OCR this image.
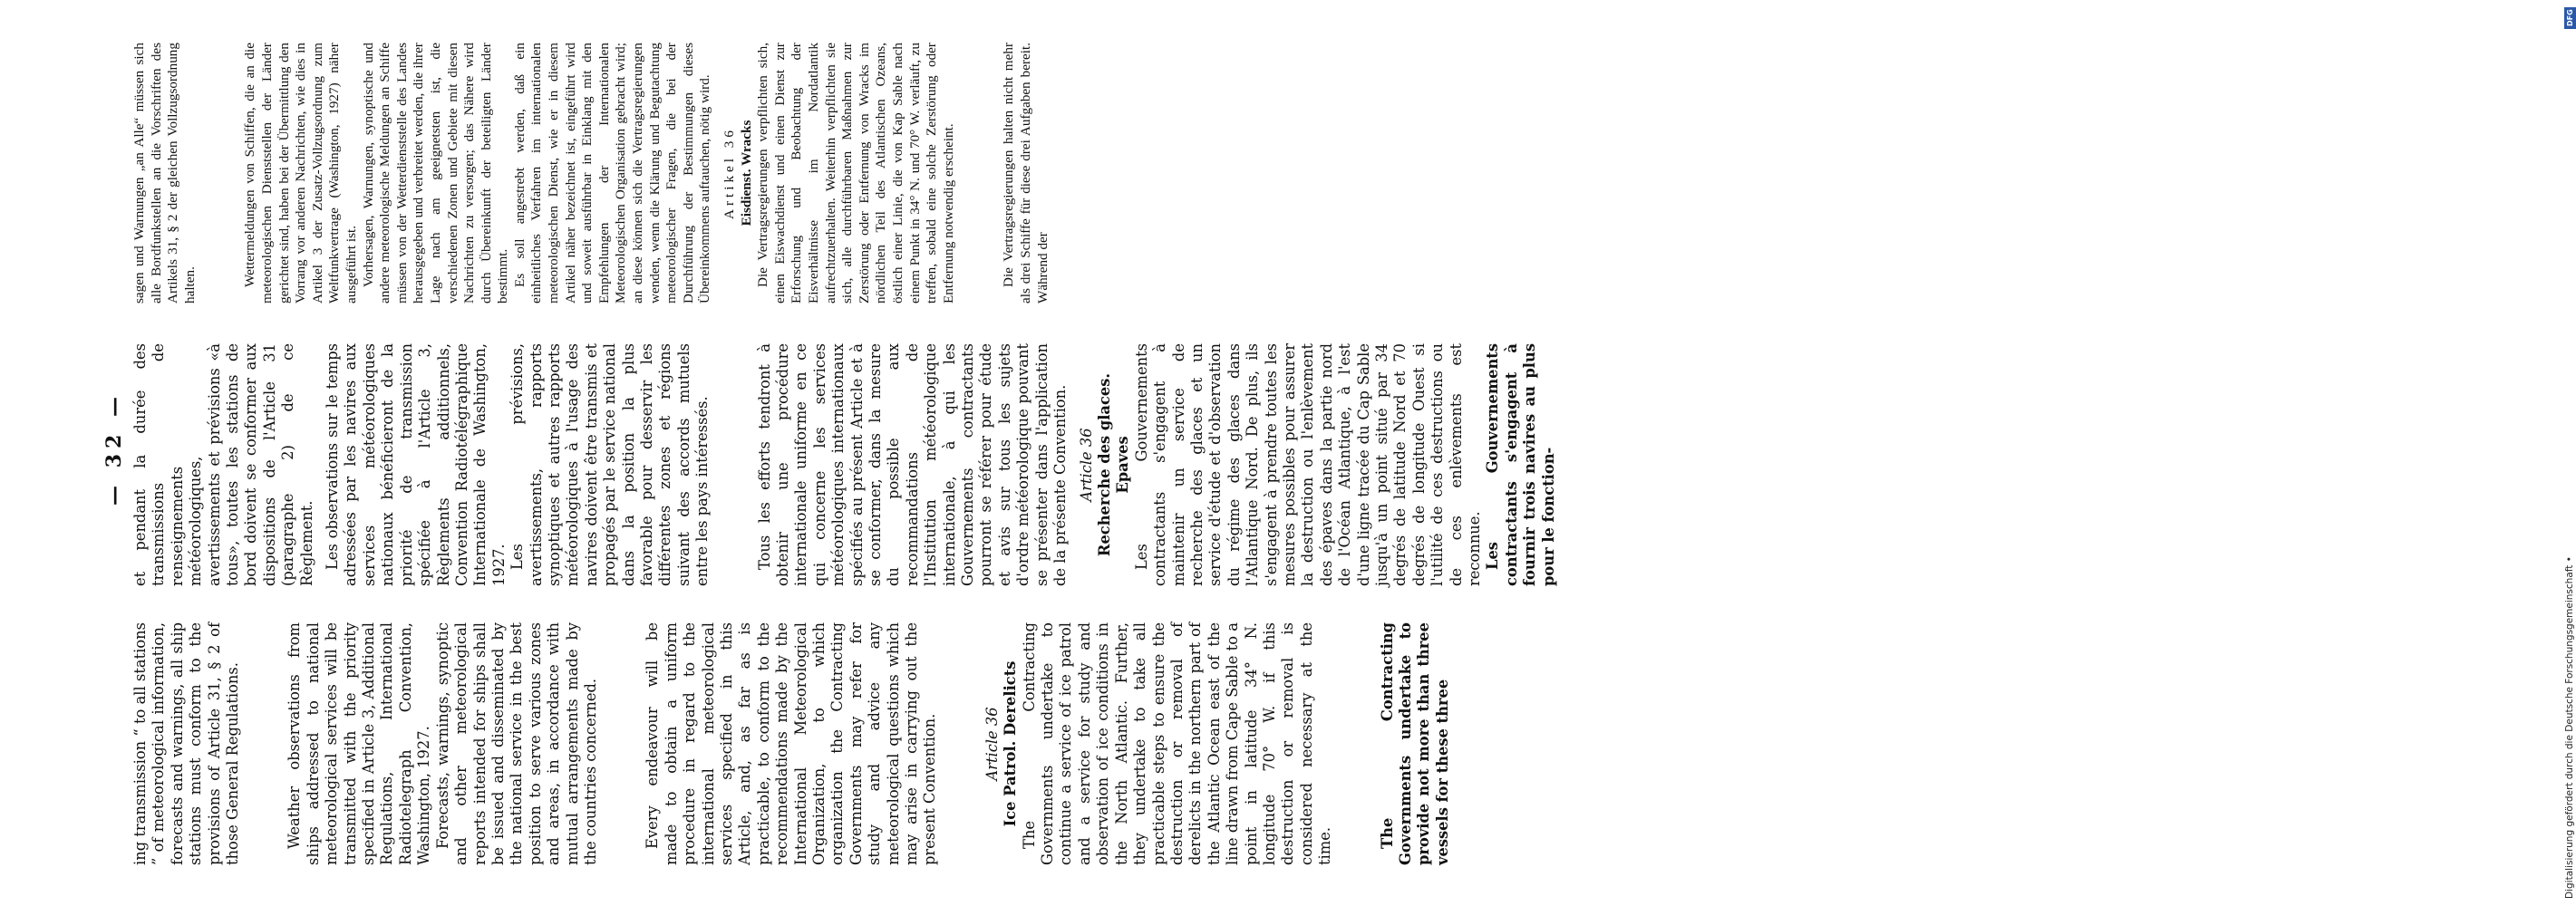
— 32 —

ing transmission “ to all stations ” of meteorological information, forecasts and warnings, all ship stations must conform to the provisions of Article 31, § 2 of those General Regulations.	Weather observations from ships addressed to national meteorological services will be transmitted with the priority specified in Article 3, Additional Regulations, International Radiotelegraph Convention, Washington, 1927. Forecasts, warnings, synoptic and other meteorological reports intended for ships shall be issued and disseminated by the national service in the best position to serve various zones and areas, in accordance with mutual arrangements made by the countries concerned.	Every endeavour will be made to obtain a uniform procedure in regard to the international meteorological services specified in this Article, and, as far as is practicable, to conform to the recommendations made by the International Meteorological Organization, to which organization the Contracting Governments may refer for study and advice any meteorological questions which may arise in carrying out the present Convention.	Article 36 Ice Patrol. Derelicts The Contracting Governments undertake to continue a service of ice patrol and a service for study and observation of ice conditions in the North Atlantic. Further, they undertake to take all practicable steps to ensure the destruction or removal of derelicts in the northern part of the Atlantic Ocean east of the line drawn from Cape Sable to a point in latitude 34° N. longitude 70° W. if this destruction or removal is considered necessary at the time.	The Contracting Governments undertake to provide not more than three vessels for these three

et pendant la durée des transmissions de renseignements météorologiques, avertissements et prévisions «à tous», toutes les stations de bord doivent se conformer aux dispositions de l'Article 31 (paragraphe 2) de ce Règlement. Les observations sur le temps adressées par les navires aux services météorologiques nationaux bénéficieront de la priorité de transmission spécifiée à l'Article 3, Règlements additionnels, Convention Radiotélégraphique Internationale de Washington, 1927. Les prévisions, avertissements, rapports synoptiques et autres rapports météorologiques à l'usage des navires doivent être transmis et propagés par le service national dans la position la plus favorable pour desservir les différentes zones et régions suivant des accords mutuels entre les pays intéressés.	Tous les efforts tendront à obtenir une procédure internationale uniforme en ce qui concerne les services météorologiques internationaux spécifiés au présent Article et à se conformer, dans la mesure du possible aux recommandations de l'Institution météorologique internationale, à qui les Gouvernements contractants pourront se référer pour étude et avis sur tous les sujets d'ordre météorologique pouvant se présenter dans l'application de la présente Convention. Article 36 Recherche des glaces. Epaves Les Gouvernements contractants s'engagent à maintenir un service de recherche des glaces et un service d'étude et d'observation du régime des glaces dans l'Atlantique Nord. De plus, ils s'engagent à prendre toutes les mesures possibles pour assurer la destruction ou l'enlèvement des épaves dans la partie nord de l'Océan Atlantique, à l'est d'une ligne tracée du Cap Sable jusqu'à un point situé par 34 degrés de latitude Nord et 70 degrés de longitude Ouest si l'utilité de ces destructions ou de ces enlèvements est reconnue. Les Gouvernements contractants s'engagent à fournir trois navires au plus pour le fonction-

sagen und Warnungen „an Alle“ müssen sich alle Bordfunkstellen an die Vorschriften des Artikels 31, § 2 der gleichen Vollzugsordnung halten.	Wettermeldungen von Schiffen, die an die meteorologischen Dienststellen der Länder gerichtet sind, haben bei der Übermittlung den Vorrang vor anderen Nachrichten, wie dies in Artikel 3 der Zusatz-Vollzugsordnung zum Weltfunkvertrage (Washington, 1927) näher ausgeführt ist. Vorhersagen, Warnungen, synoptische und andere meteorologische Meldungen an Schiffe müssen von der Wetterdienststelle des Landes herausgegeben und verbreitet werden, die ihrer Lage nach am geeignetsten ist, die verschiedenen Zonen und Gebiete mit diesen Nachrichten zu versorgen; das Nähere wird durch Übereinkunft der beteiligten Länder bestimmt. Es soll angestrebt werden, daß ein einheitliches Verfahren im internationalen meteorologischen Dienst, wie er in diesem Artikel näher bezeichnet ist, eingeführt wird und soweit ausführbar in Einklang mit den Empfehlungen der Internationalen Meteorologischen Organisation gebracht wird; an diese können sich die Vertragsregierungen wenden, wenn die Klärung und Begutachtung meteorologischer Fragen, die bei der Durchführung der Bestimmungen dieses Übereinkommens auftauchen, nötig wird. Artikel 36 Eisdienst. Wracks Die Vertragsregierungen verpflichten sich, einen Eiswachdienst und einen Dienst zur Erforschung und Beobachtung der Eisverhältnisse im Nordatlantik aufrechtzuerhalten. Weiterhin verpflichten sie sich, alle durchführbaren Maßnahmen zur Zerstörung oder Entfernung von Wracks im nördlichen Teil des Atlantischen Ozeans, östlich einer Linie, die von Kap Sable nach einem Punkt in 34° N. und 70° W. verläuft, zu treffen, sobald eine solche Zerstörung oder Entfernung notwendig erscheint.	Die Vertragsregierungen halten nicht mehr als drei Schiffe für diese drei Aufgaben bereit. Während der

DFG
Digitalisierung gefördert durch die Deutsche Forschungsgemeinschaft •
